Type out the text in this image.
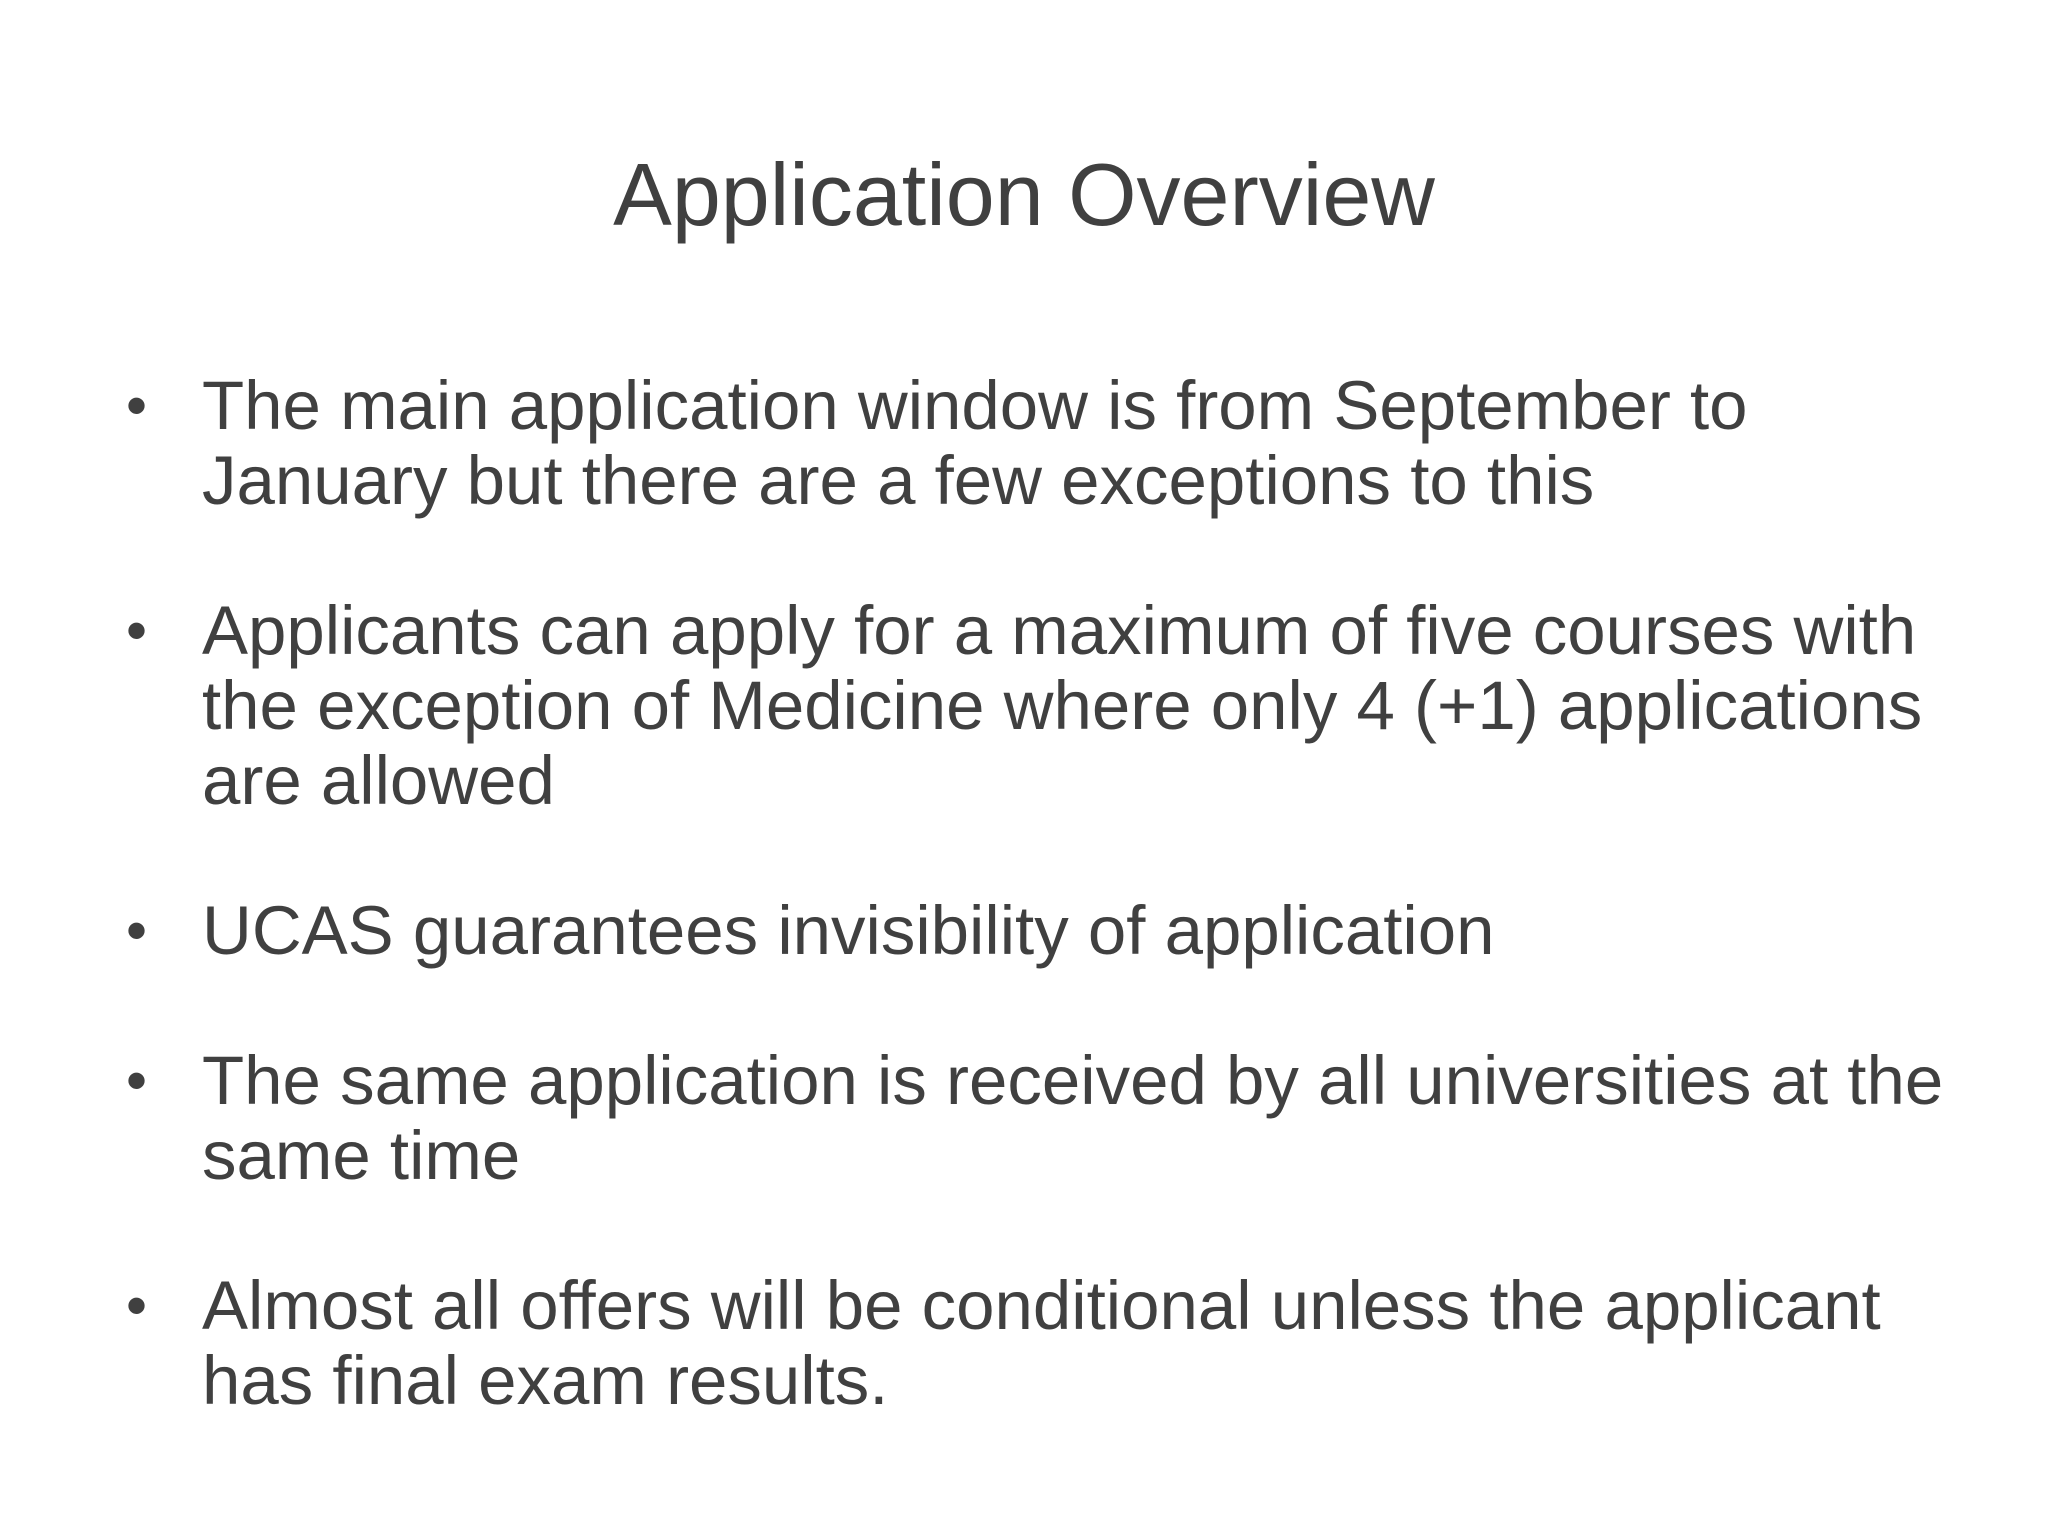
Application Overview
• The main application window is from September to January but there are a few exceptions to this
• Applicants can apply for a maximum of five courses with the exception of Medicine where only 4 (+1) applications are allowed
• UCAS guarantees invisibility of application
• The same application is received by all universities at the same time
• Almost all offers will be conditional unless the applicant has final exam results.
